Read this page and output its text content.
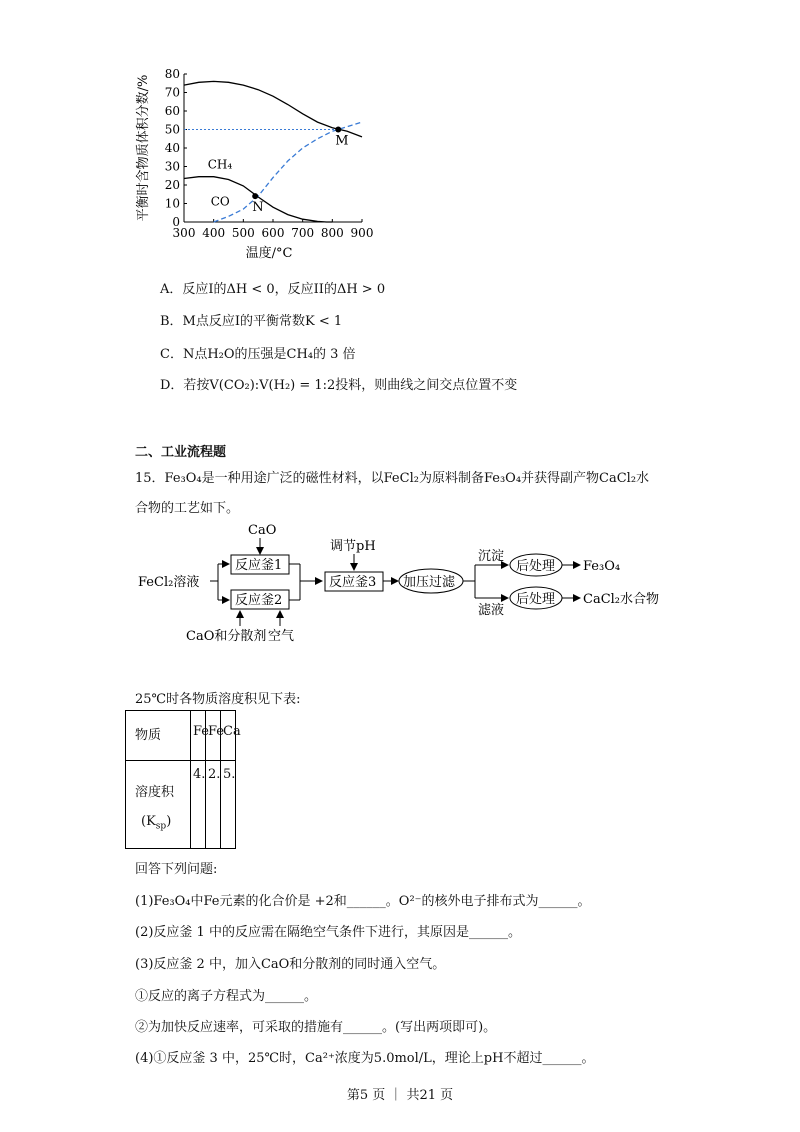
0
10
20
30
40
50
60
70
80
300 400 500 600 700 800 900
温度/°C
平衡时含物质体积分数/%	M
N
CH₄
CO
A．反应I的ΔH < 0，反应II的ΔH > 0
B．M点反应I的平衡常数K < 1
C．N点H₂O的压强是CH₄的 3 倍
D．若按V(CO₂):V(H₂) = 1:2投料，则曲线之间交点位置不变
二、工业流程题
15．Fe₃O₄是一种用途广泛的磁性材料，以FeCl₂为原料制备Fe₃O₄并获得副产物CaCl₂水
合物的工艺如下。
CaO
FeCl₂溶液
反应釜1
反应釜2
CaO和分散剂 空气
调节pH
反应釜3 加压过滤
沉淀
滤液
后处理
后处理
Fe₃O₄
CaCl₂水合物
25℃时各物质溶度积见下表:
物质	Fe	Fe	Ca

溶度积
$(K_{sp})$	4.	2.	5.
回答下列问题:
(1)Fe₃O₄中Fe元素的化合价是 +2和______。O²⁻的核外电子排布式为______。
(2)反应釜 1 中的反应需在隔绝空气条件下进行，其原因是______。
(3)反应釜 2 中，加入CaO和分散剂的同时通入空气。
①反应的离子方程式为______。
②为加快反应速率，可采取的措施有______。(写出两项即可)。
(4)①反应釜 3 中，25℃时，Ca²⁺浓度为5.0mol/L，理论上pH不超过______。
第5 页 ｜ 共21 页
